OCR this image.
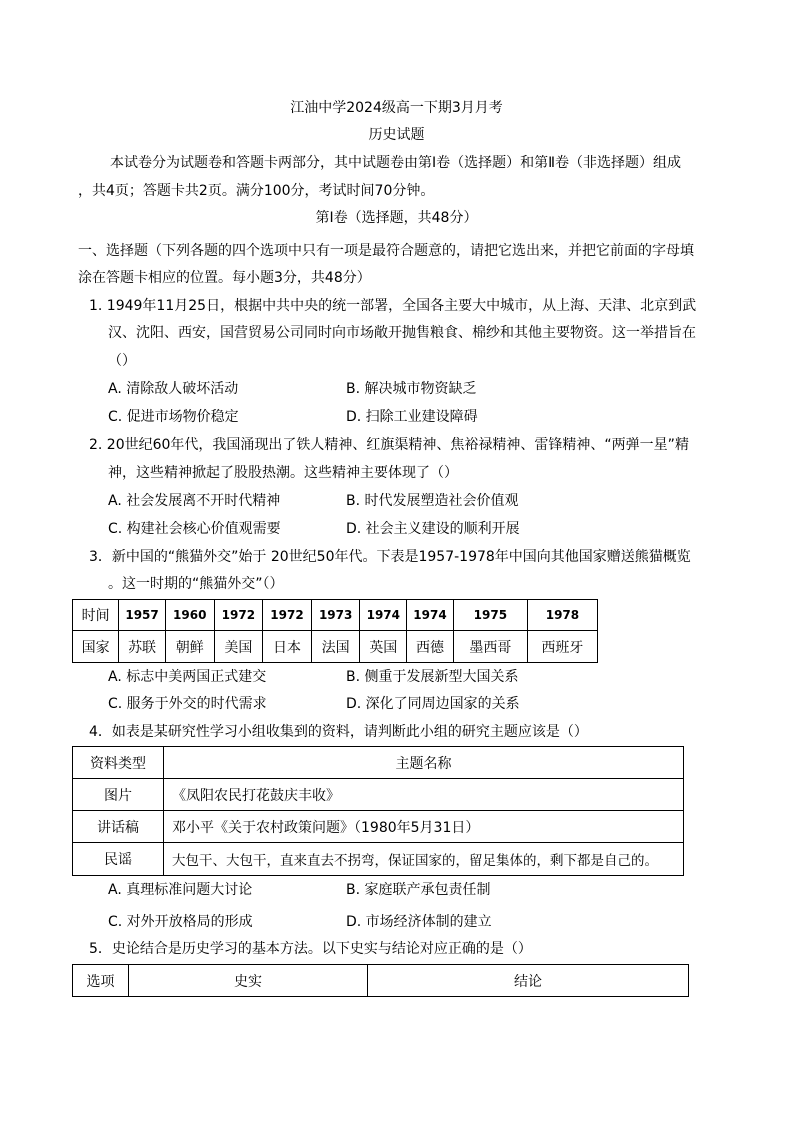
江油中学2024级高一下期3月月考
历史试题
本试卷分为试题卷和答题卡两部分，其中试题卷由第Ⅰ卷（选择题）和第Ⅱ卷（非选择题）组成
，共4页；答题卡共2页。满分100分，考试时间70分钟。
第Ⅰ卷（选择题，共48分）
一、选择题（下列各题的四个选项中只有一项是最符合题意的，请把它选出来，并把它前面的字母填
涂在答题卡相应的位置。每小题3分，共48分）
1. 1949年11月25日，根据中共中央的统一部署，全国各主要大中城市，从上海、天津、北京到武
汉、沈阳、西安，国营贸易公司同时向市场敞开抛售粮食、棉纱和其他主要物资。这一举措旨在
（）
A. 清除敌人破坏活动	B. 解决城市物资缺乏
C. 促进市场物价稳定	D. 扫除工业建设障碍
2. 20世纪60年代，我国涌现出了铁人精神、红旗渠精神、焦裕禄精神、雷锋精神、“两弹一星”精
神，这些精神掀起了股股热潮。这些精神主要体现了（）
A. 社会发展离不开时代精神	B. 时代发展塑造社会价值观
C. 构建社会核心价值观需要	D. 社会主义建设的顺利开展
3．新中国的“熊猫外交”始于 20世纪50年代。下表是1957-1978年中国向其他国家赠送熊猫概览
。这一时期的“熊猫外交”（）
时间	1957	1960	1972	1972	1973	1974	1974	1975	1978
国家	苏联	朝鲜	美国	日本	法国	英国	西德	墨西哥	西班牙
A. 标志中美两国正式建交	B. 侧重于发展新型大国关系
C. 服务于外交的时代需求	D. 深化了同周边国家的关系
4．如表是某研究性学习小组收集到的资料，请判断此小组的研究主题应该是（）
资料类型	主题名称
图片	《凤阳农民打花鼓庆丰收》
讲话稿	邓小平《关于农村政策问题》（1980年5月31日）
民谣	大包干、大包干，直来直去不拐弯，保证国家的，留足集体的，剩下都是自己的。
A. 真理标准问题大讨论	B. 家庭联产承包责任制
C. 对外开放格局的形成	D. 市场经济体制的建立
5．史论结合是历史学习的基本方法。以下史实与结论对应正确的是（）
选项	史实	结论
